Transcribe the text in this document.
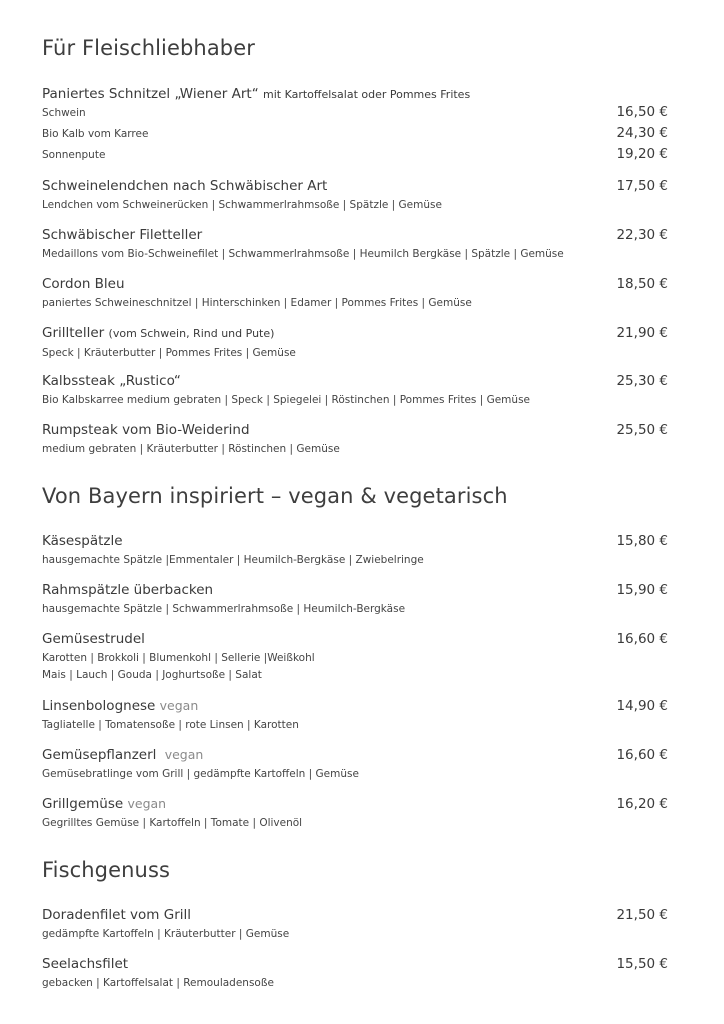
Für Fleischliebhaber
Paniertes Schnitzel „Wiener Art“ mit Kartoffelsalat oder Pommes Frites
Schwein	16,50 €
Bio Kalb vom Karree	24,30 €
Sonnenpute	19,20 €
Schweinelendchen nach Schwäbischer Art
Lendchen vom Schweinerücken | Schwammerlrahmsoße | Spätzle | Gemüse
17,50 €
Schwäbischer Filetteller
Medaillons vom Bio-Schweinefilet | Schwammerlrahmsoße | Heumilch Bergkäse | Spätzle | Gemüse
22,30 €
Cordon Bleu
paniertes Schweineschnitzel | Hinterschinken | Edamer | Pommes Frites | Gemüse
18,50 €
Grillteller (vom Schwein, Rind und Pute)
Speck | Kräuterbutter | Pommes Frites | Gemüse
21,90 €
Kalbssteak „Rustico“
Bio Kalbskarree medium gebraten | Speck | Spiegelei | Röstinchen | Pommes Frites | Gemüse
25,30 €
Rumpsteak vom Bio-Weiderind
medium gebraten | Kräuterbutter | Röstinchen | Gemüse
25,50 €
Von Bayern inspiriert – vegan & vegetarisch
Käsespätzle
hausgemachte Spätzle |Emmentaler | Heumilch-Bergkäse | Zwiebelringe
15,80 €
Rahmspätzle überbacken
hausgemachte Spätzle | Schwammerlrahmsoße | Heumilch-Bergkäse
15,90 €
Gemüsestrudel
Karotten | Brokkoli | Blumenkohl | Sellerie |Weißkohl
Mais | Lauch | Gouda | Joghurtsoße | Salat
16,60 €
Linsenbolognese vegan
Tagliatelle | Tomatensoße | rote Linsen | Karotten
14,90 €
Gemüsepflanzerl vegan
Gemüsebratlinge vom Grill | gedämpfte Kartoffeln | Gemüse
16,60 €
Grillgemüse vegan
Gegrilltes Gemüse | Kartoffeln | Tomate | Olivenöl
16,20 €
Fischgenuss
Doradenfilet vom Grill
gedämpfte Kartoffeln | Kräuterbutter | Gemüse
21,50 €
Seelachsfilet
gebacken | Kartoffelsalat | Remouladensoße
15,50 €
